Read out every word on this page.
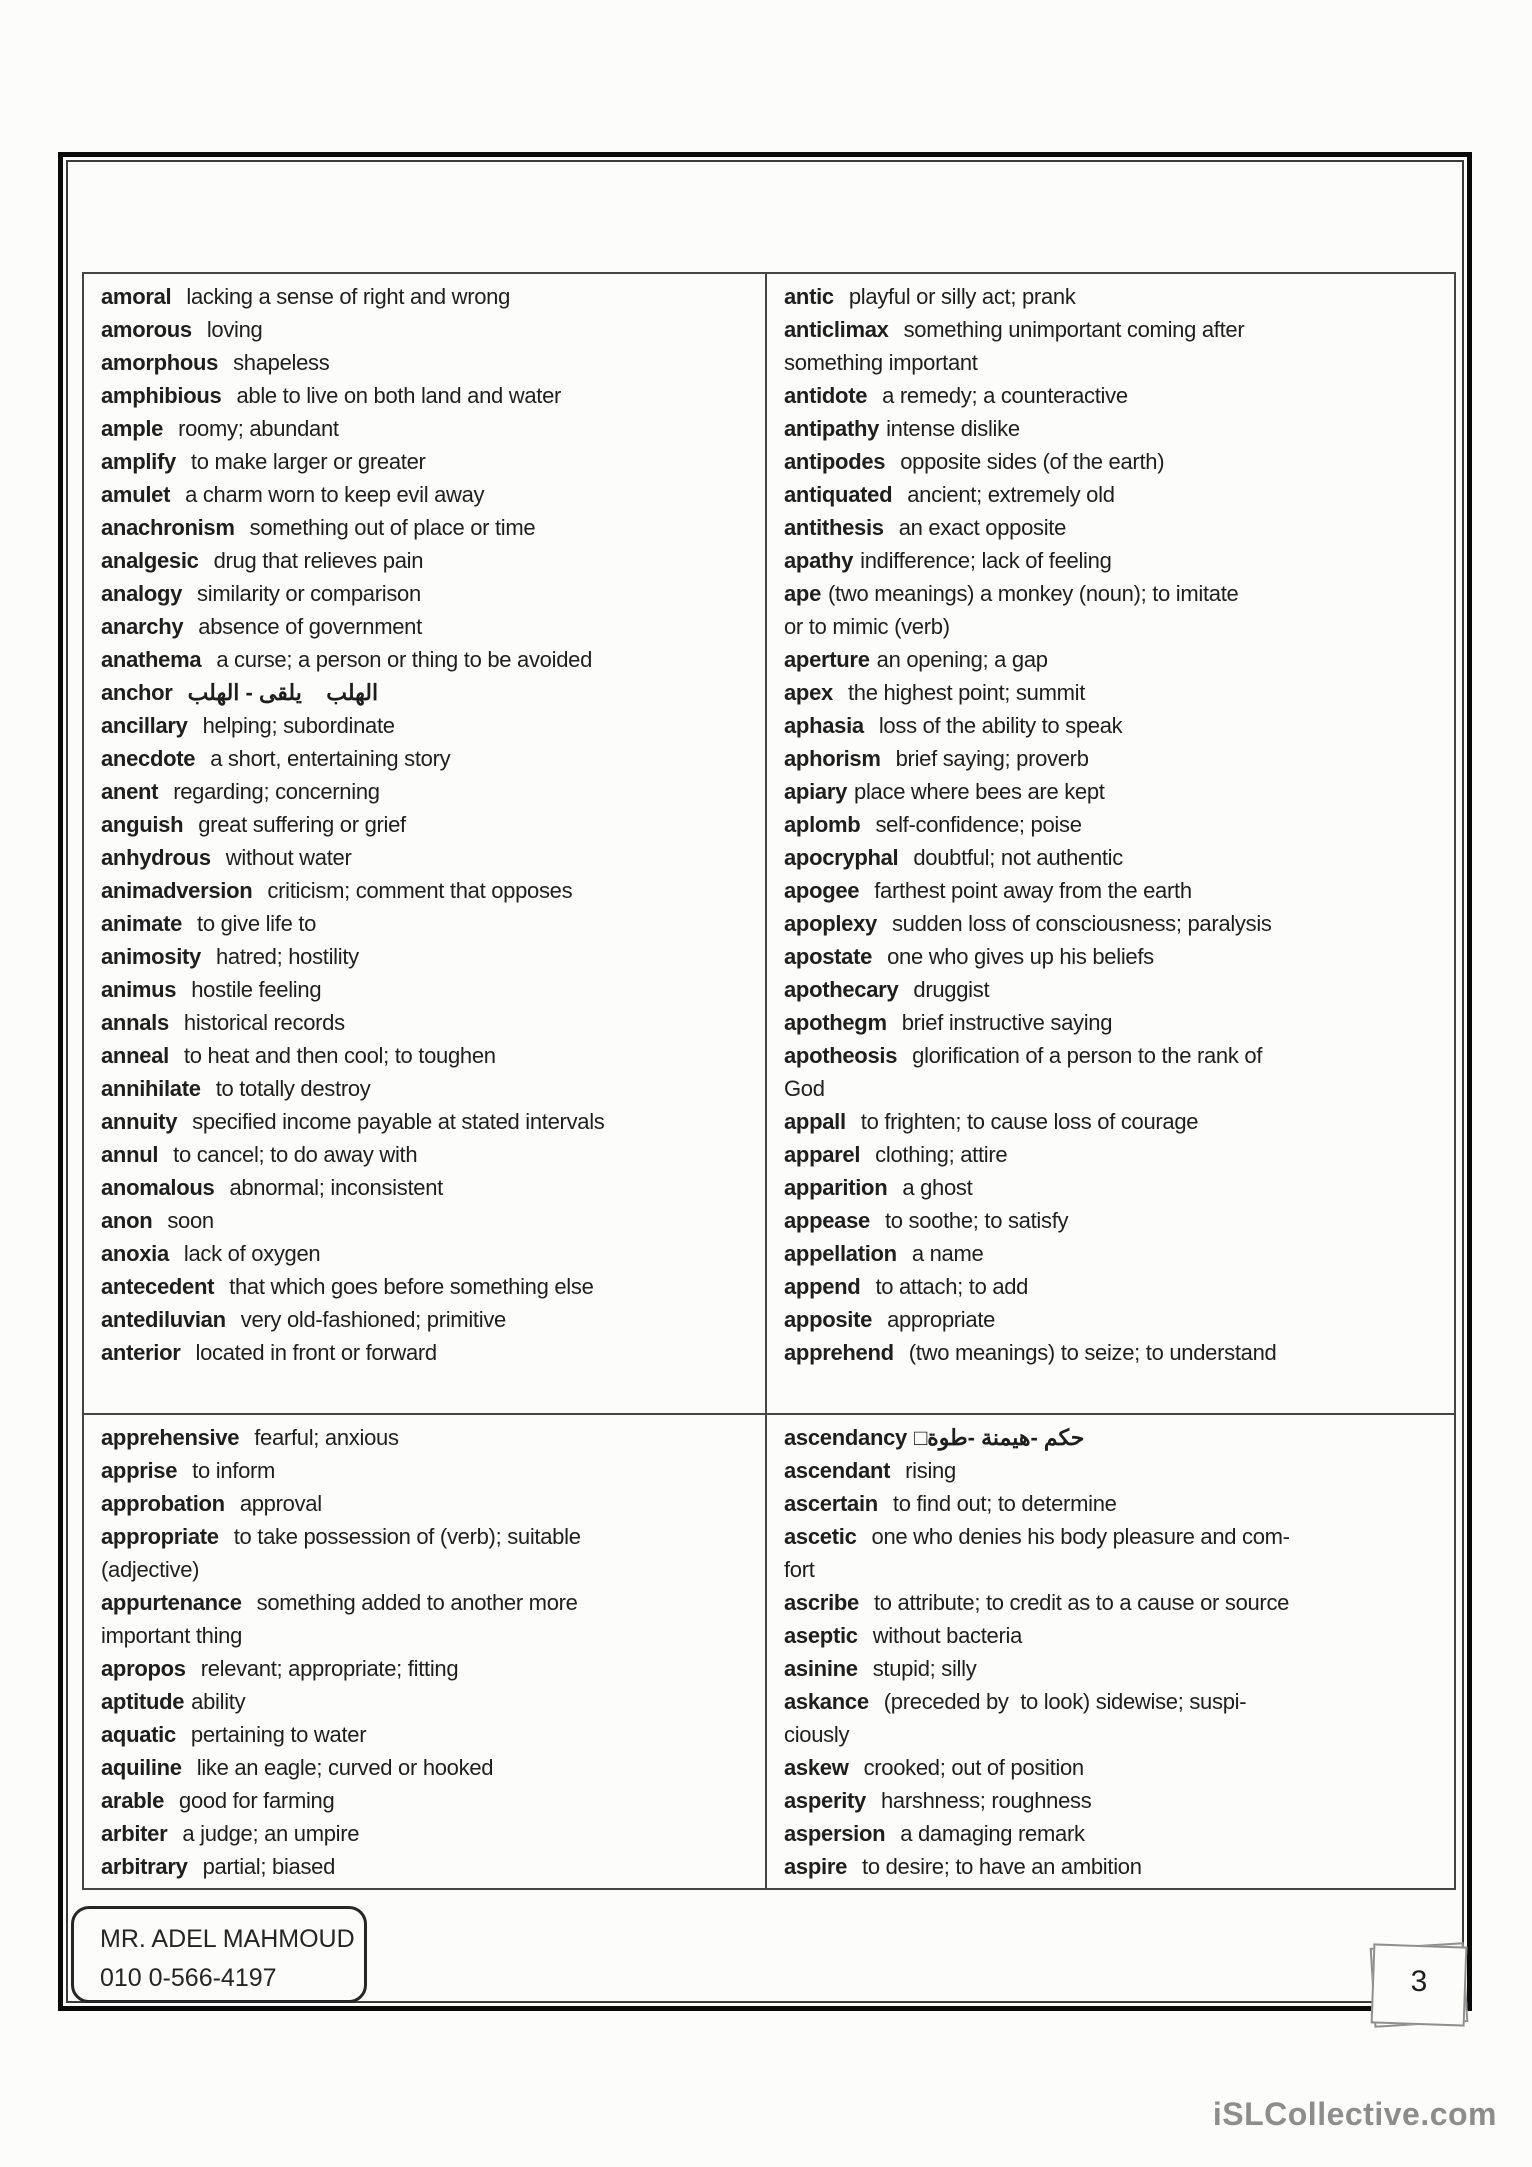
amoral lacking a sense of right and wrong
amorous loving
amorphous shapeless
amphibious able to live on both land and water
ample roomy; abundant
amplify to make larger or greater
amulet a charm worn to keep evil away
anachronism something out of place or time
analgesic drug that relieves pain
analogy similarity or comparison
anarchy absence of government
anathema a curse; a person or thing to be avoided
anchor الهلب    يلقى - الهلب
ancillary helping; subordinate
anecdote a short, entertaining story
anent regarding; concerning
anguish great suffering or grief
anhydrous without water
animadversion criticism; comment that opposes
animate to give life to
animosity hatred; hostility
animus hostile feeling
annals historical records
anneal to heat and then cool; to toughen
annihilate to totally destroy
annuity specified income payable at stated intervals
annul to cancel; to do away with
anomalous abnormal; inconsistent
anon soon
anoxia lack of oxygen
antecedent that which goes before something else
antediluvian very old-fashioned; primitive
anterior located in front or forward
antic playful or silly act; prank
anticlimax something unimportant coming after
something important
antidote a remedy; a counteractive
antipathy intense dislike
antipodes opposite sides (of the earth)
antiquated ancient; extremely old
antithesis an exact opposite
apathy indifference; lack of feeling
ape (two meanings) a monkey (noun); to imitate
or to mimic (verb)
aperture an opening; a gap
apex the highest point; summit
aphasia loss of the ability to speak
aphorism brief saying; proverb
apiary place where bees are kept
aplomb self-confidence; poise
apocryphal doubtful; not authentic
apogee farthest point away from the earth
apoplexy sudden loss of consciousness; paralysis
apostate one who gives up his beliefs
apothecary druggist
apothegm brief instructive saying
apotheosis glorification of a person to the rank of
God
appall to frighten; to cause loss of courage
apparel clothing; attire
apparition a ghost
appease to soothe; to satisfy
appellation a name
append to attach; to add
apposite appropriate
apprehend (two meanings) to seize; to understand
apprehensive fearful; anxious
apprise to inform
approbation approval
appropriate to take possession of (verb); suitable
(adjective)
appurtenance something added to another more
important thing
apropos relevant; appropriate; fitting
aptitude ability
aquatic pertaining to water
aquiline like an eagle; curved or hooked
arable good for farming
arbiter a judge; an umpire
arbitrary partial; biased
ascendancy حكم -هيمنة -طوة□
ascendant rising
ascertain to find out; to determine
ascetic one who denies his body pleasure and com-
fort
ascribe to attribute; to credit as to a cause or source
aseptic without bacteria
asinine stupid; silly
askance (preceded by  to look) sidewise; suspi-
ciously
askew crooked; out of position
asperity harshness; roughness
aspersion a damaging remark
aspire to desire; to have an ambition
MR. ADEL MAHMOUD
010 0-566-4197	3
iSLCollective.com
